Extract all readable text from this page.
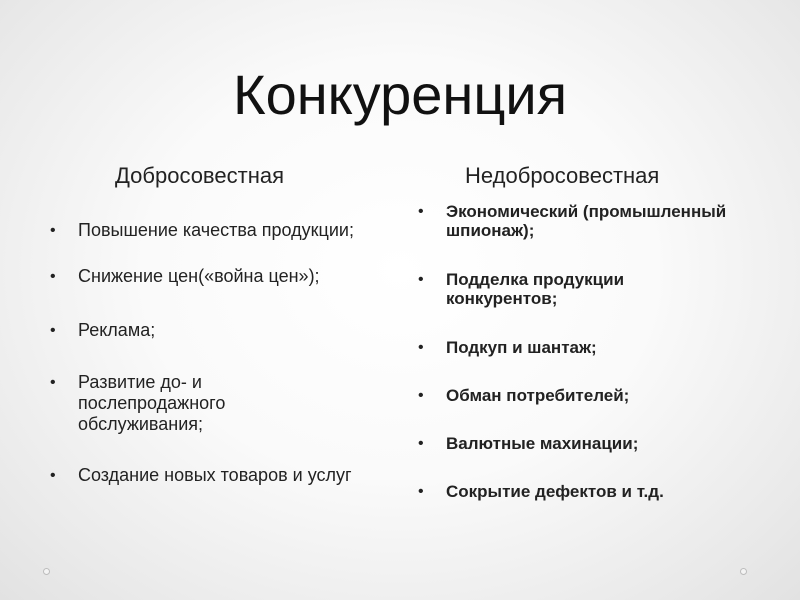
Конкуренция
Добросовестная	Недобросовестная
•	Повышение качества продукции;
•	Снижение цен(«война цен»);
•	Реклама;
•	Развитие до- и послепродажного обслуживания;
•	Создание новых товаров и услуг
•	Экономический (промышленный шпионаж);
•	Подделка продукции конкурентов;
•	Подкуп и шантаж;
•	Обман потребителей;
•	Валютные махинации;
•	Сокрытие дефектов и т.д.
